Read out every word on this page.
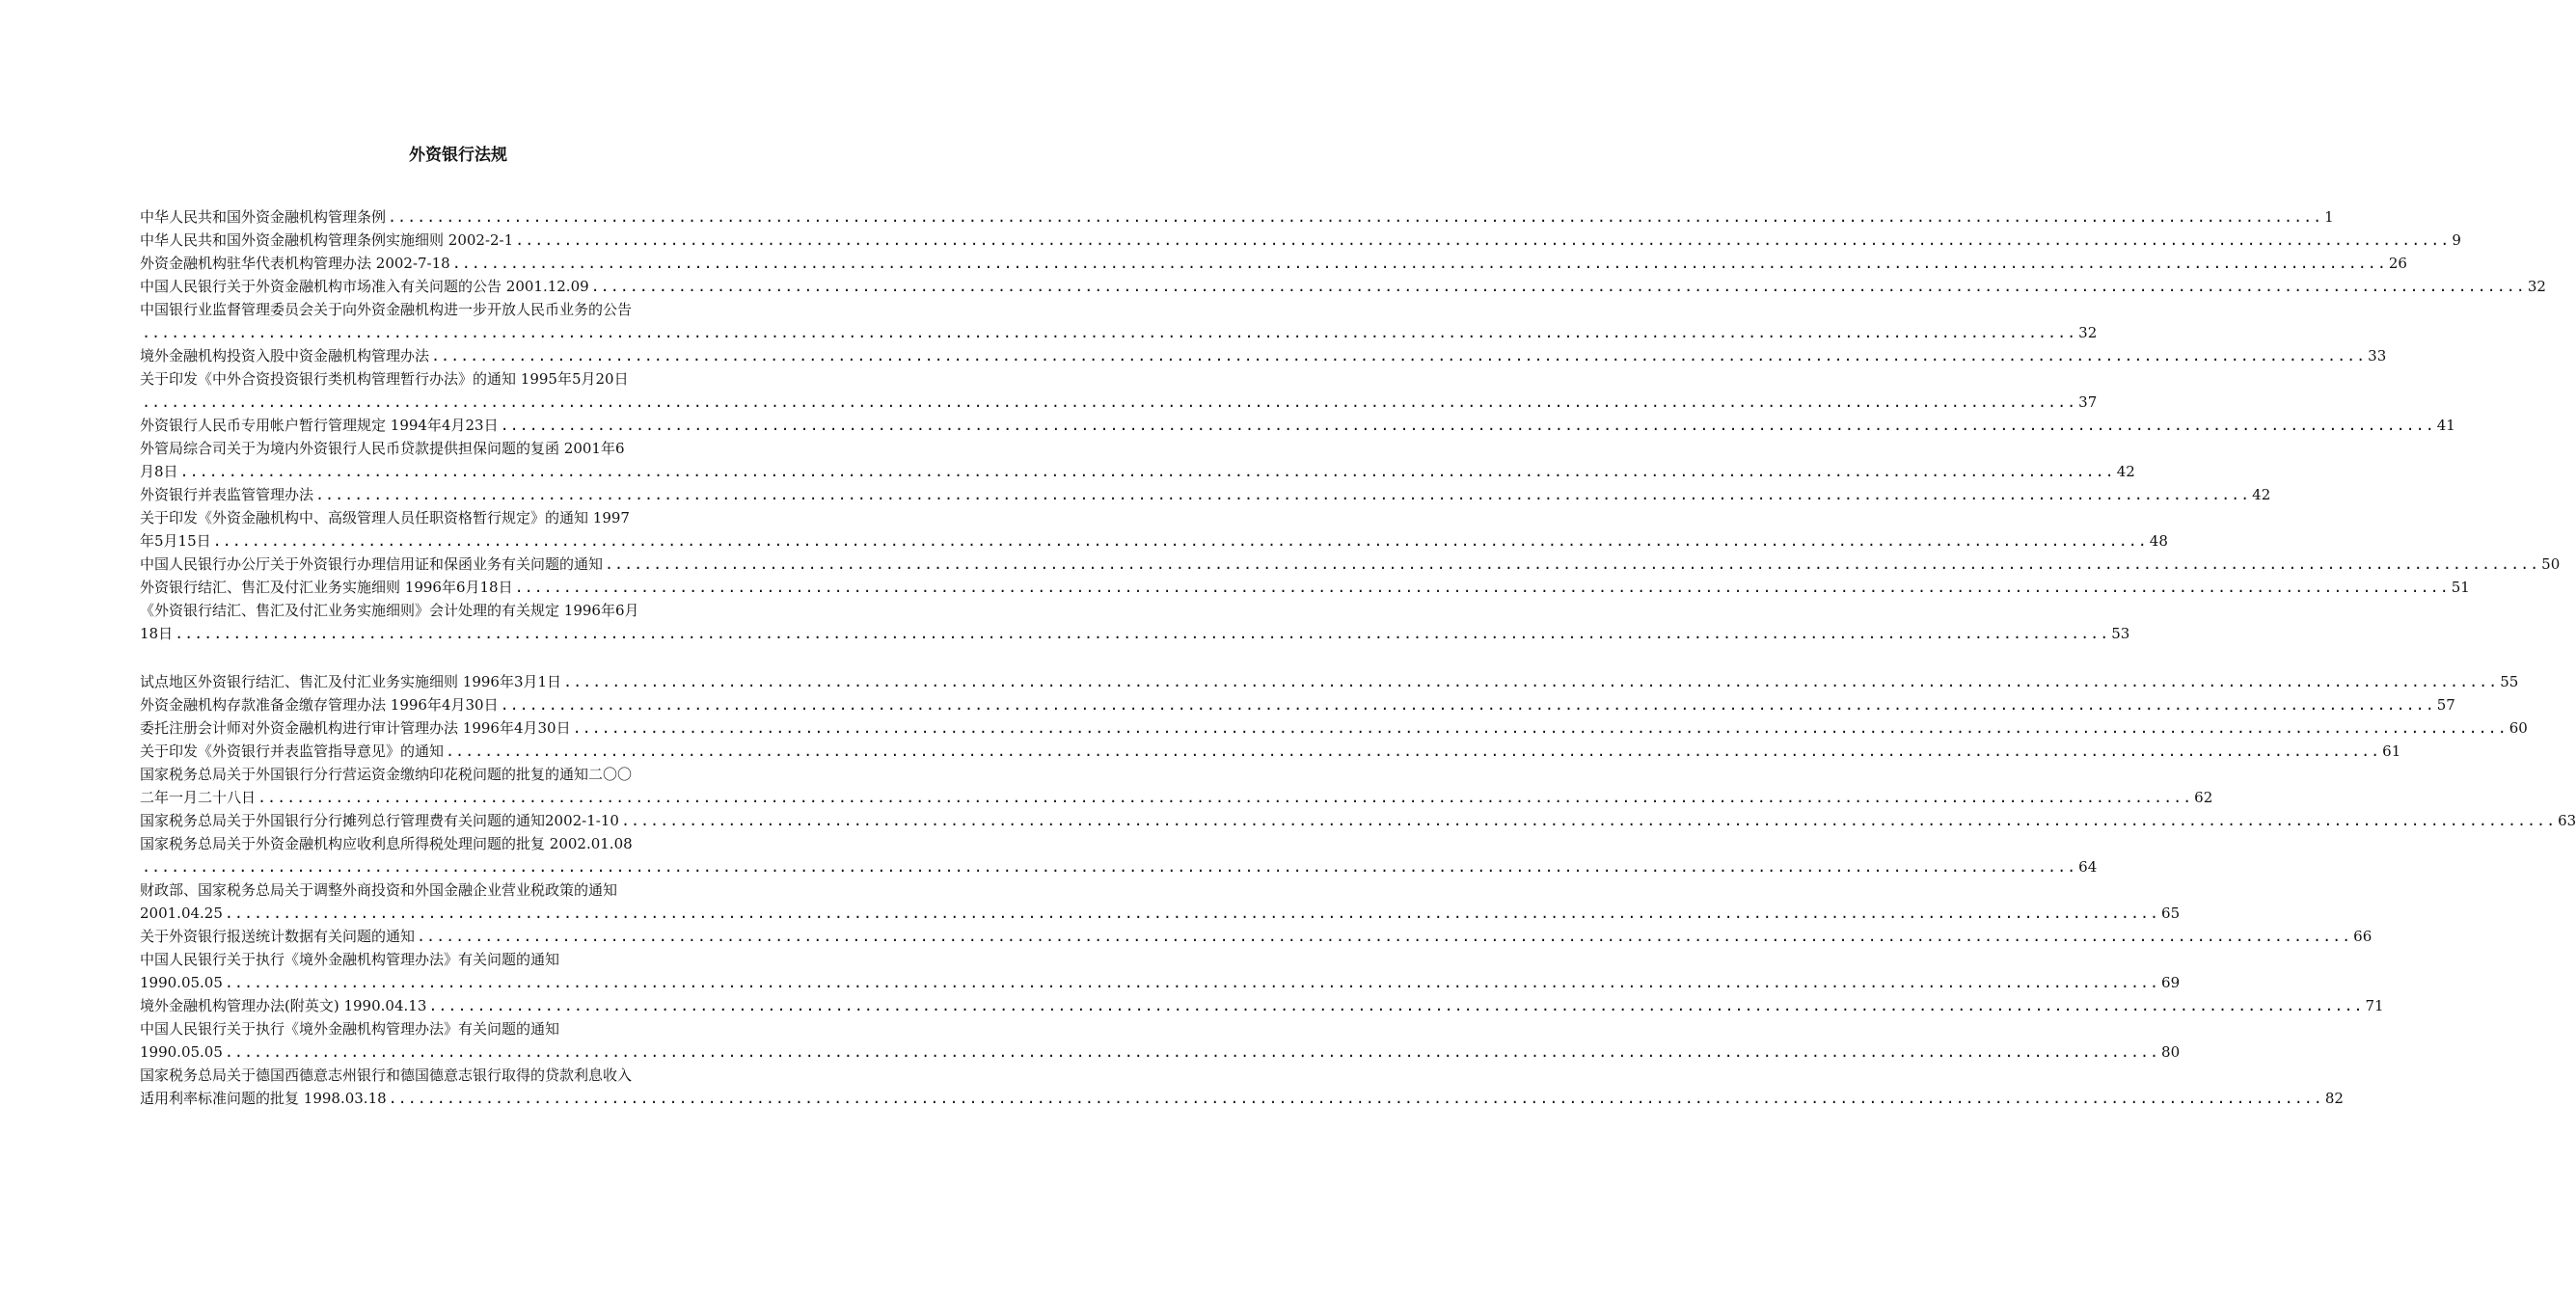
外资银行法规
中华人民共和国外资金融机构管理条例 ........................................................................................................................................................................................................ 1
中华人民共和国外资金融机构管理条例实施细则 2002-2-1 ........................................................................................................................................................................................................ 9
外资金融机构驻华代表机构管理办法 2002-7-18 ........................................................................................................................................................................................................ 26
中国人民银行关于外资金融机构市场准入有关问题的公告 2001.12.09 ........................................................................................................................................................................................................ 32
中国银行业监督管理委员会关于向外资金融机构进一步开放人民币业务的公告
........................................................................................................................................................................................................ 32
境外金融机构投资入股中资金融机构管理办法 ........................................................................................................................................................................................................ 33
关于印发《中外合资投资银行类机构管理暂行办法》的通知 1995年5月20日
........................................................................................................................................................................................................ 37
外资银行人民币专用帐户暂行管理规定 1994年4月23日 ........................................................................................................................................................................................................ 41
外管局综合司关于为境内外资银行人民币贷款提供担保问题的复函 2001年6
月8日 ........................................................................................................................................................................................................ 42
外资银行并表监管管理办法 ........................................................................................................................................................................................................ 42
关于印发《外资金融机构中、高级管理人员任职资格暂行规定》的通知 1997
年5月15日 ........................................................................................................................................................................................................ 48
中国人民银行办公厅关于外资银行办理信用证和保函业务有关问题的通知 ........................................................................................................................................................................................................ 50
外资银行结汇、售汇及付汇业务实施细则 1996年6月18日 ........................................................................................................................................................................................................ 51
《外资银行结汇、售汇及付汇业务实施细则》会计处理的有关规定 1996年6月
18日 ........................................................................................................................................................................................................ 53
试点地区外资银行结汇、售汇及付汇业务实施细则 1996年3月1日 ........................................................................................................................................................................................................ 55
外资金融机构存款准备金缴存管理办法 1996年4月30日 ........................................................................................................................................................................................................ 57
委托注册会计师对外资金融机构进行审计管理办法 1996年4月30日 ........................................................................................................................................................................................................ 60
关于印发《外资银行并表监管指导意见》的通知 ........................................................................................................................................................................................................ 61
国家税务总局关于外国银行分行营运资金缴纳印花税问题的批复的通知二〇〇
二年一月二十八日 ........................................................................................................................................................................................................ 62
国家税务总局关于外国银行分行摊列总行管理费有关问题的通知2002-1-10 ........................................................................................................................................................................................................ 63
国家税务总局关于外资金融机构应收利息所得税处理问题的批复 2002.01.08
........................................................................................................................................................................................................ 64
财政部、国家税务总局关于调整外商投资和外国金融企业营业税政策的通知
2001.04.25 ........................................................................................................................................................................................................ 65
关于外资银行报送统计数据有关问题的通知 ........................................................................................................................................................................................................ 66
中国人民银行关于执行《境外金融机构管理办法》有关问题的通知
1990.05.05 ........................................................................................................................................................................................................ 69
境外金融机构管理办法(附英文) 1990.04.13 ........................................................................................................................................................................................................ 71
中国人民银行关于执行《境外金融机构管理办法》有关问题的通知
1990.05.05 ........................................................................................................................................................................................................ 80
国家税务总局关于德国西德意志州银行和德国德意志银行取得的贷款利息收入
适用利率标准问题的批复 1998.03.18 ........................................................................................................................................................................................................ 82
